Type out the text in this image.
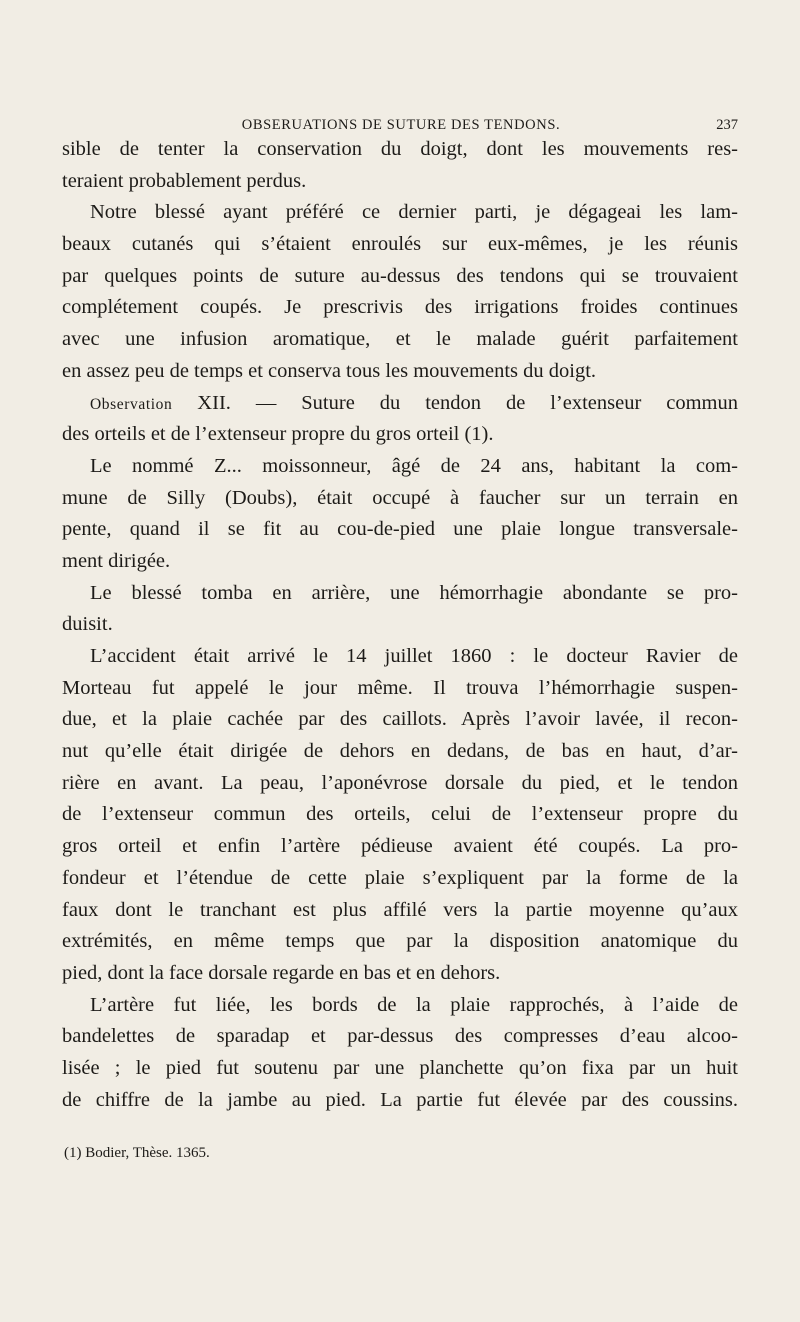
OBSERUATIONS DE SUTURE DES TENDONS.	237
sible de tenter la conservation du doigt, dont les mouvements res-
teraient probablement perdus.
Notre blessé ayant préféré ce dernier parti, je dégageai les lam-
beaux cutanés qui s’étaient enroulés sur eux-mêmes, je les réunis
par quelques points de suture au-dessus des tendons qui se trouvaient
complétement coupés. Je prescrivis des irrigations froides continues
avec une infusion aromatique, et le malade guérit parfaitement
en assez peu de temps et conserva tous les mouvements du doigt.
Observation XII. — Suture du tendon de l’extenseur commun
des orteils et de l’extenseur propre du gros orteil (1).
Le nommé Z... moissonneur, âgé de 24 ans, habitant la com-
mune de Silly (Doubs), était occupé à faucher sur un terrain en
pente, quand il se fit au cou-de-pied une plaie longue transversale-
ment dirigée.
Le blessé tomba en arrière, une hémorrhagie abondante se pro-
duisit.
L’accident était arrivé le 14 juillet 1860 : le docteur Ravier de
Morteau fut appelé le jour même. Il trouva l’hémorrhagie suspen-
due, et la plaie cachée par des caillots. Après l’avoir lavée, il recon-
nut qu’elle était dirigée de dehors en dedans, de bas en haut, d’ar-
rière en avant. La peau, l’aponévrose dorsale du pied, et le tendon
de l’extenseur commun des orteils, celui de l’extenseur propre du
gros orteil et enfin l’artère pédieuse avaient été coupés. La pro-
fondeur et l’étendue de cette plaie s’expliquent par la forme de la
faux dont le tranchant est plus affilé vers la partie moyenne qu’aux
extrémités, en même temps que par la disposition anatomique du
pied, dont la face dorsale regarde en bas et en dehors.
L’artère fut liée, les bords de la plaie rapprochés, à l’aide de
bandelettes de sparadap et par-dessus des compresses d’eau alcoo-
lisée ; le pied fut soutenu par une planchette qu’on fixa par un huit
de chiffre de la jambe au pied. La partie fut élevée par des coussins.
(1) Bodier, Thèse. 1365.
